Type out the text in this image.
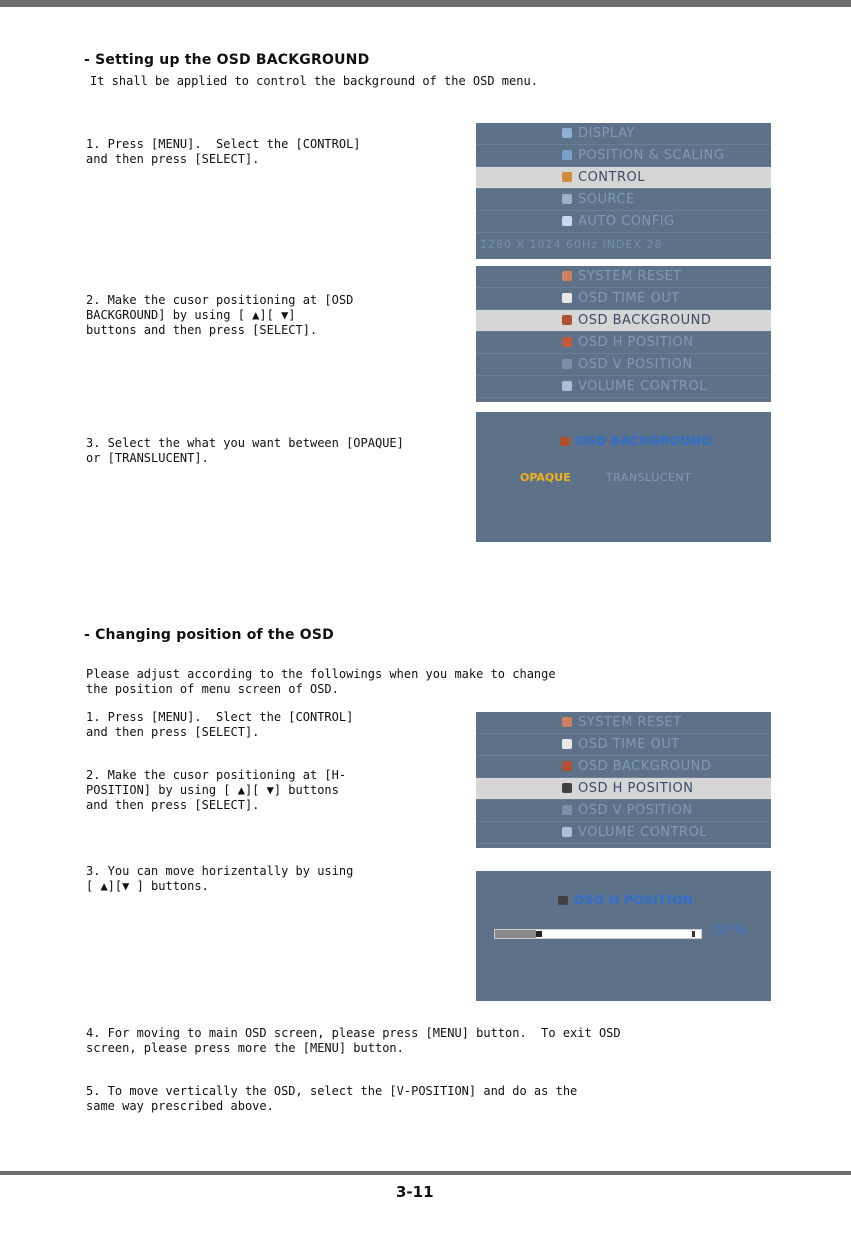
- Setting up the OSD BACKGROUND
It shall be applied to control the background of the OSD menu.
1. Press [MENU].  Select the [CONTROL]
and then press [SELECT].
2. Make the cusor positioning at [OSD
BACKGROUND] by using [ ▲][ ▼]
buttons and then press [SELECT].
3. Select the what you want between [OPAQUE]
or [TRANSLUCENT].
DISPLAY
POSITION & SCALING
CONTROL
SOURCE
AUTO CONFIG
1280 X 1024 60Hz INDEX 28
SYSTEM RESET
OSD TIME OUT
OSD BACKGROUND
OSD H POSITION
OSD V POSITION
VOLUME CONTROL
OSD BACKGROUND
OPAQUE	TRANSLUCENT
- Changing position of the OSD
Please adjust according to the followings when you make to change
the position of menu screen of OSD.
1. Press [MENU].  Slect the [CONTROL]
and then press [SELECT].
2. Make the cusor positioning at [H-
POSITION] by using [ ▲][ ▼] buttons
and then press [SELECT].
3. You can move horizentally by using
[ ▲][▼ ] buttons.
4. For moving to main OSD screen, please press [MENU] button.  To exit OSD
screen, please press more the [MENU] button.
5. To move vertically the OSD, select the [V-POSITION] and do as the
same way prescribed above.
SYSTEM RESET
OSD TIME OUT
OSD BACKGROUND
OSD H POSITION
OSD V POSITION
VOLUME CONTROL
OSD H POSITION
20 %
3-11
